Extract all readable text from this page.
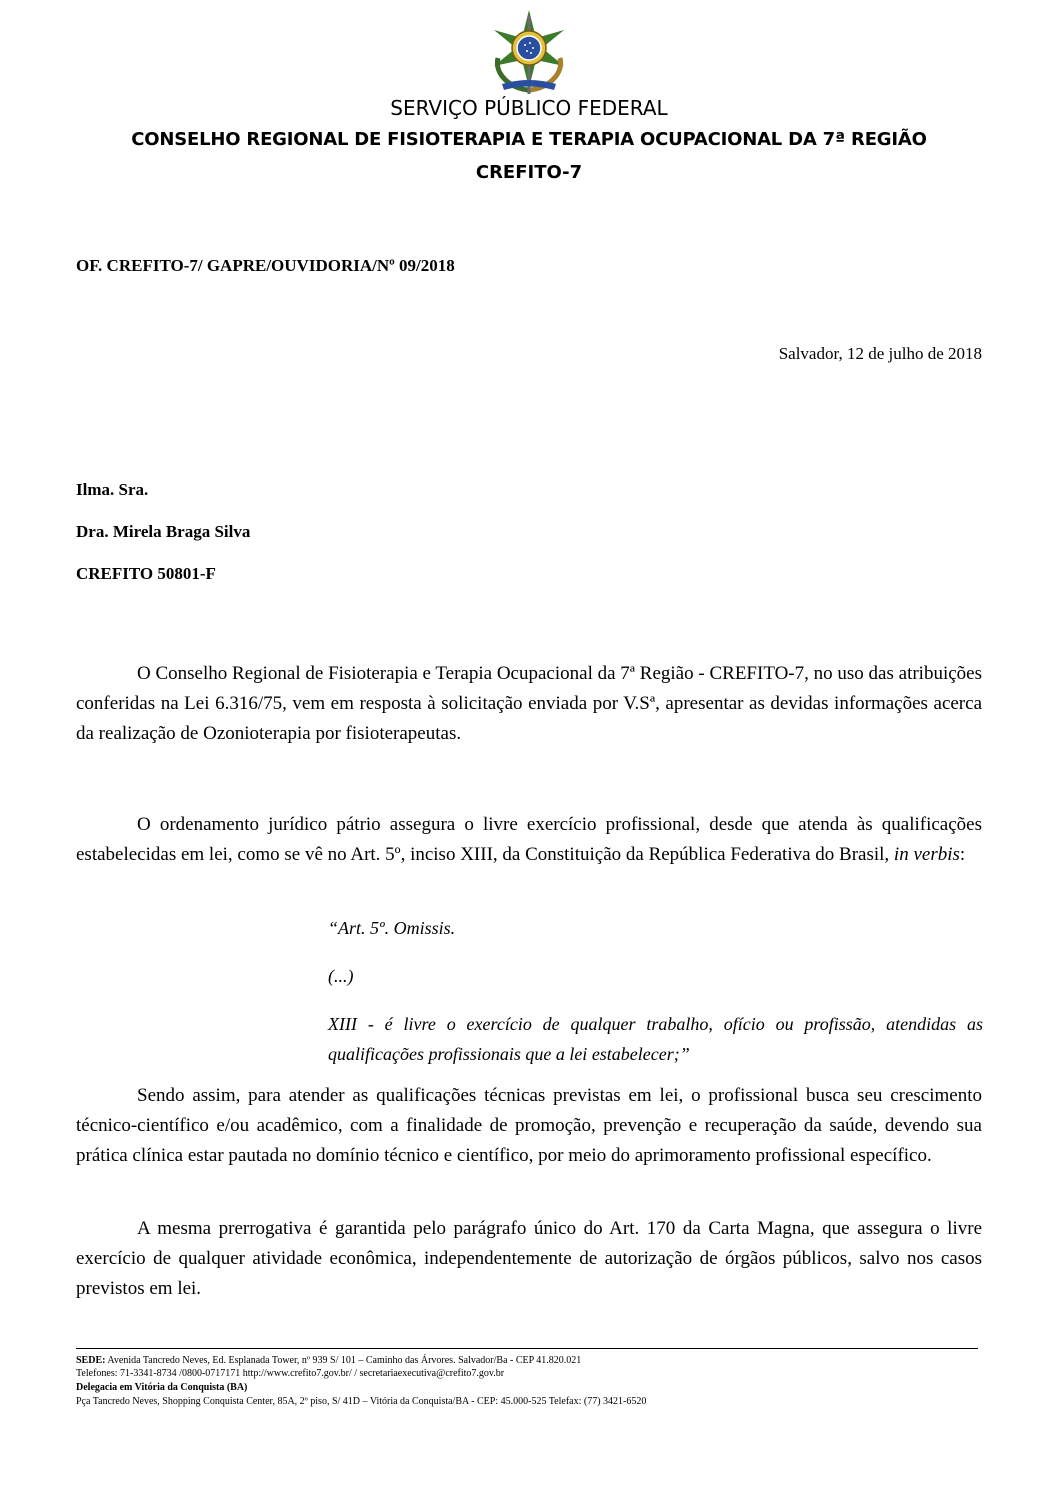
SERVIÇO PÚBLICO FEDERAL
CONSELHO REGIONAL DE FISIOTERAPIA E TERAPIA OCUPACIONAL DA 7ª REGIÃO
CREFITO-7
OF. CREFITO-7/ GAPRE/OUVIDORIA/Nº 09/2018
Salvador, 12 de julho de 2018
Ilma. Sra.
Dra. Mirela Braga Silva
CREFITO 50801-F

O Conselho Regional de Fisioterapia e Terapia Ocupacional da 7ª Região - CREFITO-7, no uso das atribuições conferidas na Lei 6.316/75, vem em resposta à solicitação enviada por V.Sª, apresentar as devidas informações acerca da realização de Ozonioterapia por fisioterapeutas.

O ordenamento jurídico pátrio assegura o livre exercício profissional, desde que atenda às qualificações estabelecidas em lei, como se vê no Art. 5º, inciso XIII, da Constituição da República Federativa do Brasil, in verbis:

“Art. 5º. Omissis.

(...)

XIII - é livre o exercício de qualquer trabalho, ofício ou profissão, atendidas as qualificações profissionais que a lei estabelecer;”

Sendo assim, para atender as qualificações técnicas previstas em lei, o profissional busca seu crescimento técnico-científico e/ou acadêmico, com a finalidade de promoção, prevenção e recuperação da saúde, devendo sua prática clínica estar pautada no domínio técnico e científico, por meio do aprimoramento profissional específico.

A mesma prerrogativa é garantida pelo parágrafo único do Art. 170 da Carta Magna, que assegura o livre exercício de qualquer atividade econômica, independentemente de autorização de órgãos públicos, salvo nos casos previstos em lei.

SEDE: Avenida Tancredo Neves, Ed. Esplanada Tower, nº 939 S/ 101 – Caminho das Árvores. Salvador/Ba - CEP 41.820.021
Telefones: 71-3341-8734 /0800-0717171 http://www.crefito7.gov.br/ / secretariaexecutiva@crefito7.gov.br
Delegacia em Vitória da Conquista (BA)
Pça Tancredo Neves, Shopping Conquista Center, 85A, 2º piso, S/ 41D – Vitória da Conquista/BA - CEP: 45.000-525 Telefax: (77) 3421-6520
